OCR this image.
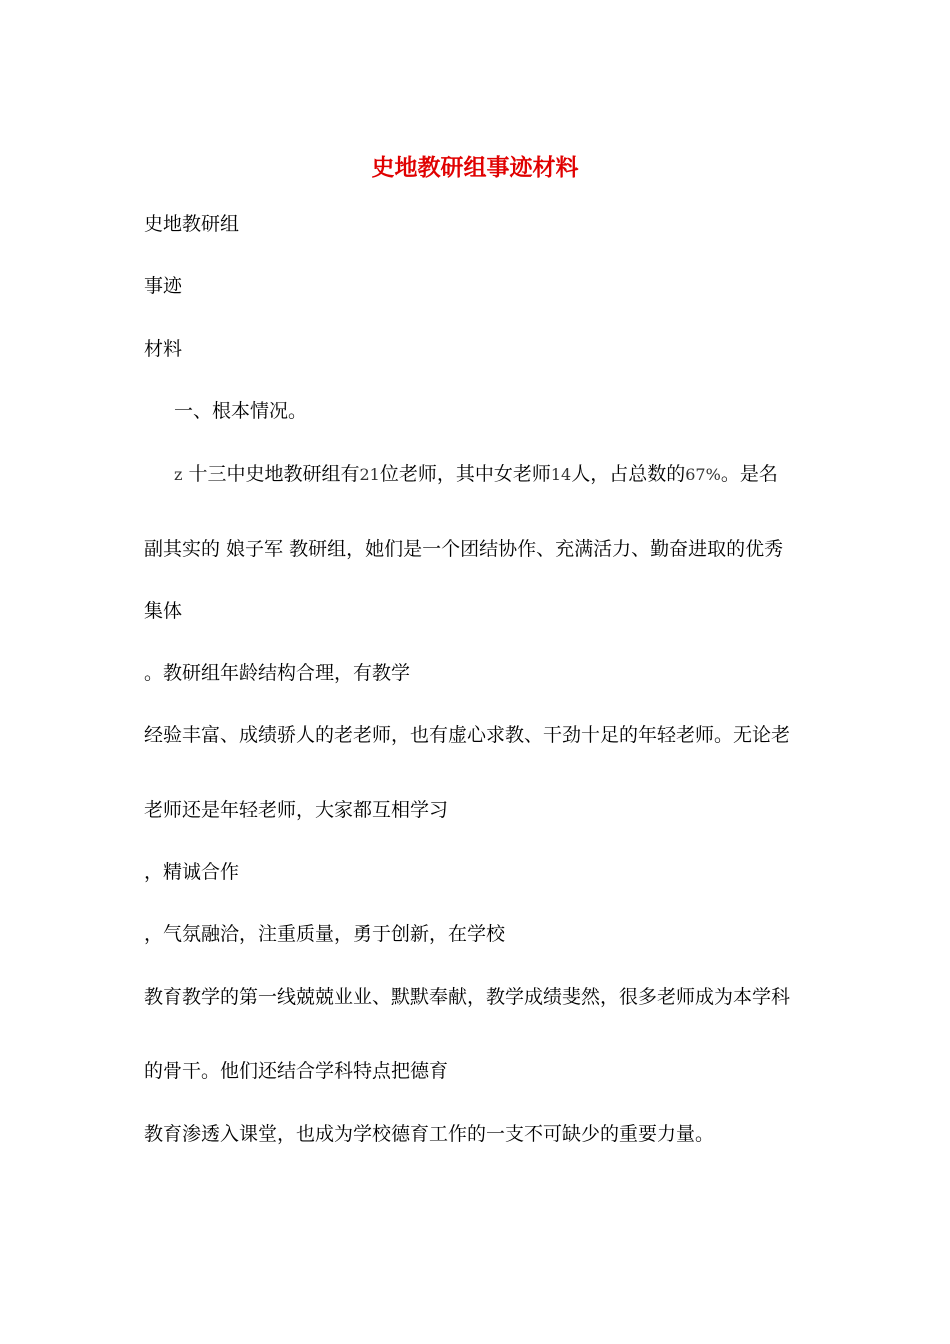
史地教研组事迹材料
史地教研组
事迹
材料
一、根本情况。
z 十三中史地教研组有21位老师，其中女老师14人，占总数的67%。是名
副其实的 娘子军 教研组，她们是一个团结协作、充满活力、勤奋进取的优秀
集体
。教研组年龄结构合理，有教学
经验丰富、成绩骄人的老老师，也有虚心求教、干劲十足的年轻老师。无论老
老师还是年轻老师，大家都互相学习
，精诚合作
，气氛融洽，注重质量，勇于创新，在学校
教育教学的第一线兢兢业业、默默奉献，教学成绩斐然，很多老师成为本学科
的骨干。他们还结合学科特点把德育
教育渗透入课堂，也成为学校德育工作的一支不可缺少的重要力量。
